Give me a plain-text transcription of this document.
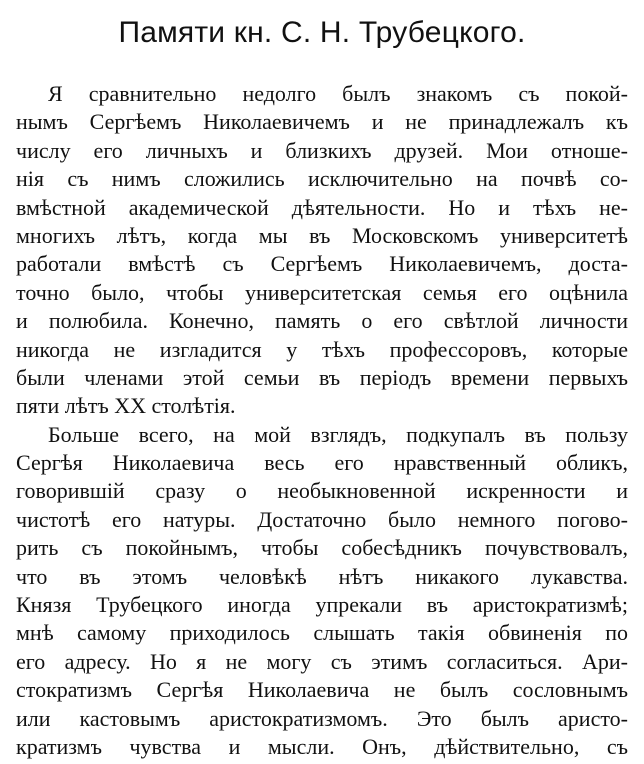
Памяти кн. С. Н. Трубецкого.
Я сравнительно недолго былъ знакомъ съ покой-
нымъ Сергѣемъ Николаевичемъ и не принадлежалъ къ
числу его личныхъ и близкихъ друзей. Мои отноше-
нія съ нимъ сложились исключительно на почвѣ со-
вмѣстной академической дѣятельности. Но и тѣхъ не-
многихъ лѣтъ, когда мы въ Московскомъ университетѣ
работали вмѣстѣ съ Сергѣемъ Николаевичемъ, доста-
точно было, чтобы университетская семья его оцѣнила
и полюбила. Конечно, память о его свѣтлой личности
никогда не изгладится у тѣхъ профессоровъ, которые
были членами этой семьи въ періодъ времени первыхъ
пяти лѣтъ XX столѣтія.
Больше всего, на мой взглядъ, подкупалъ въ пользу
Сергѣя Николаевича весь его нравственный обликъ,
говорившій сразу о необыкновенной искренности и
чистотѣ его натуры. Достаточно было немного погово-
рить съ покойнымъ, чтобы собесѣдникъ почувствовалъ,
что въ этомъ человѣкѣ нѣтъ никакого лукавства.
Князя Трубецкого иногда упрекали въ аристократизмѣ;
мнѣ самому приходилось слышать такія обвиненія по
его адресу. Но я не могу съ этимъ согласиться. Ари-
стократизмъ Сергѣя Николаевича не былъ сословнымъ
или кастовымъ аристократизмомъ. Это былъ аристо-
кратизмъ чувства и мысли. Онъ, дѣйствительно, съ
